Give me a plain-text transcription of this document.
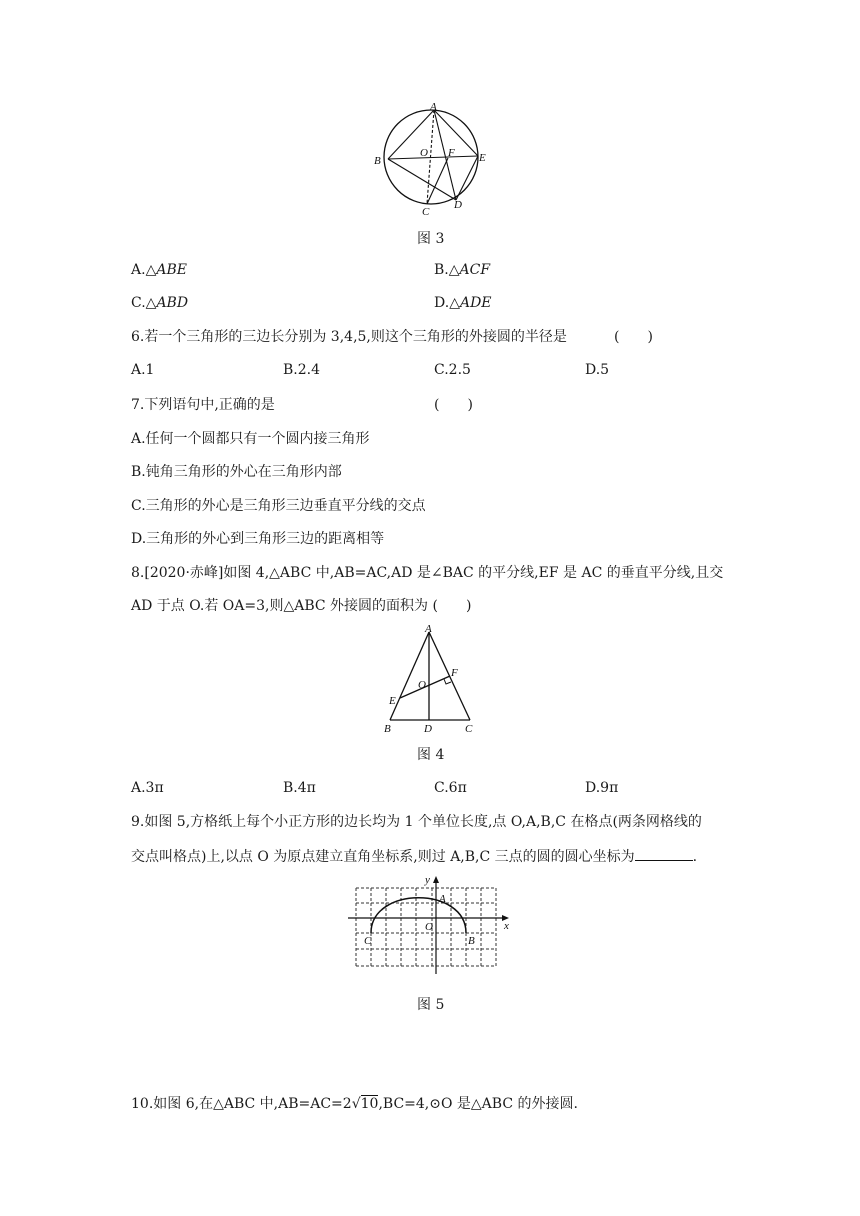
A
B
O F E
C
D
图 3
A.△ABE	B.△ACF
C.△ABD	D.△ADE
6.若一个三角形的三边长分别为 3,4,5,则这个三角形的外接圆的半径是	(　　)
A.1	B.2.4	C.2.5	D.5
7.下列语句中,正确的是	(　　)
A.任何一个圆都只有一个圆内接三角形
B.钝角三角形的外心在三角形内部
C.三角形的外心是三角形三边垂直平分线的交点
D.三角形的外心到三角形三边的距离相等
8.[2020·赤峰]如图 4,△ABC 中,AB=AC,AD 是∠BAC 的平分线,EF 是 AC 的垂直平分线,且交
AD 于点 O.若 OA=3,则△ABC 外接圆的面积为 (　　)
A
F
O
E
B	D	C
图 4
A.3π	B.4π	C.6π	D.9π
9.如图 5,方格纸上每个小正方形的边长均为 1 个单位长度,点 O,A,B,C 在格点(两条网格线的
交点叫格点)上,以点 O 为原点建立直角坐标系,则过 A,B,C 三点的圆的圆心坐标为	.
y
x
A
O
C	B
图 5
10.如图 6,在△ABC 中,AB=AC=2√10,BC=4,⊙O 是△ABC 的外接圆.
